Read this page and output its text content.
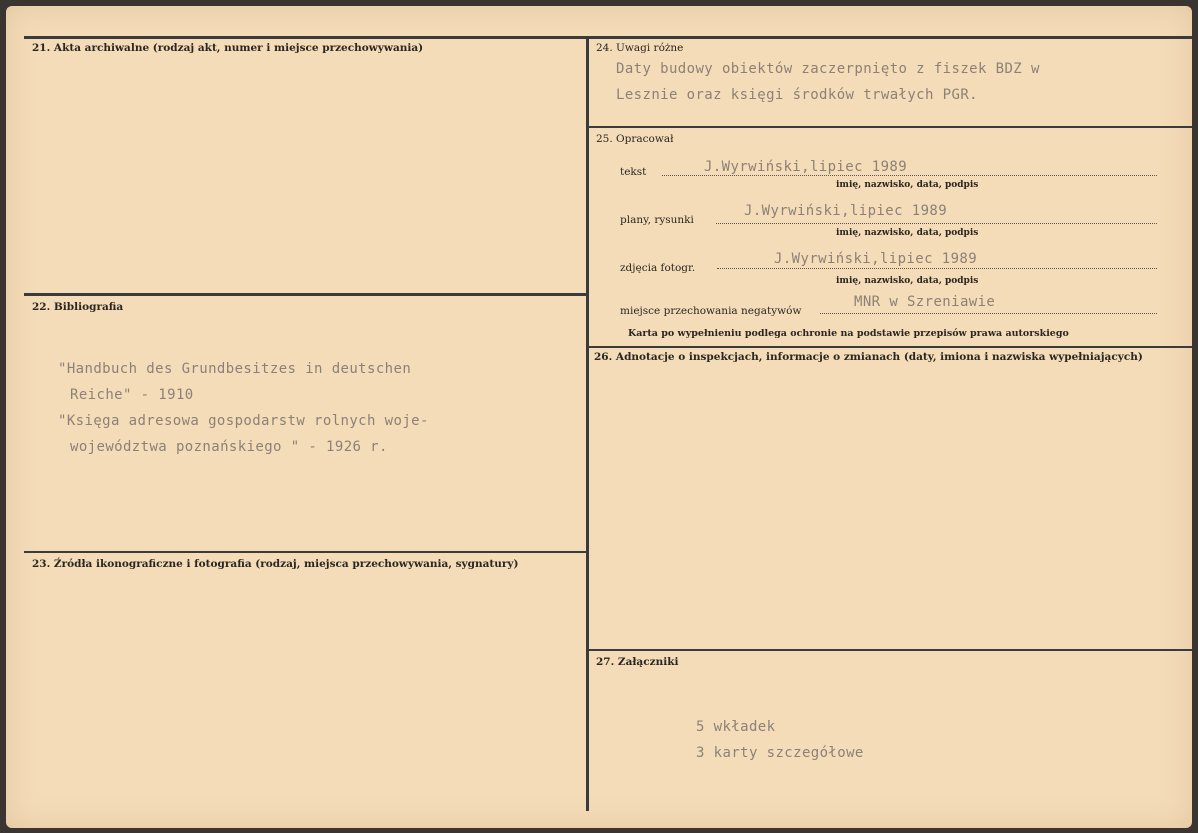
21. Akta archiwalne (rodzaj akt, numer i miejsce przechowywania)
22. Bibliografia
"Handbuch des Grundbesitzes in deutschen
Reiche" - 1910
"Księga adresowa gospodarstw rolnych woje-
województwa poznańskiego " - 1926 r.
23. Źródła ikonograficzne i fotografia (rodzaj, miejsca przechowywania, sygnatury)
24. Uwagi różne
Daty budowy obiektów zaczerpnięto z fiszek BDZ w
Lesznie oraz księgi środków trwałych PGR.
25. Opracował
tekst	J.Wyrwiński,lipiec 1989
imię, nazwisko, data, podpis
plany, rysunki
J.Wyrwiński,lipiec 1989
imię, nazwisko, data, podpis
zdjęcia fotogr.
J.Wyrwiński,lipiec 1989
imię, nazwisko, data, podpis
miejsce przechowania negatywów
MNR w Szreniawie
Karta po wypełnieniu podlega ochronie na podstawie przepisów prawa autorskiego
26. Adnotacje o inspekcjach, informacje o zmianach (daty, imiona i nazwiska wypełniających)
27. Załączniki
5 wkładek
3 karty szczegółowe
